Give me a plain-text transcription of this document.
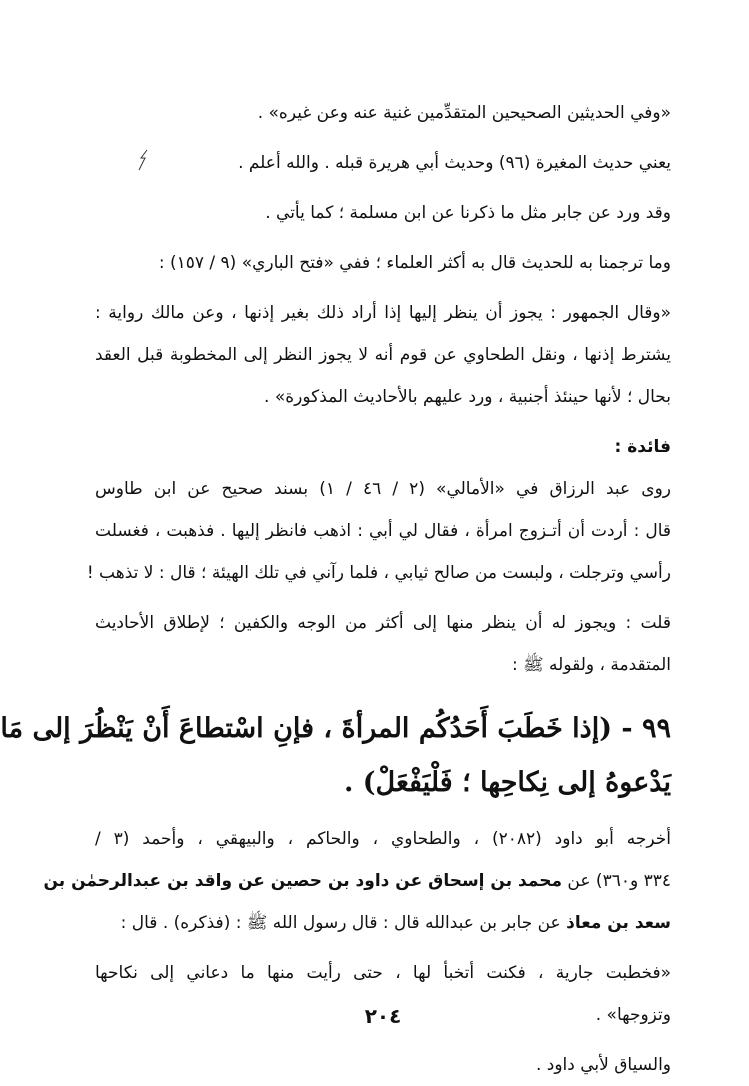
«وفي الحديثين الصحيحين المتقدِّمين غنية عنه وعن غيره» .
يعني حديث المغيرة (٩٦) وحديث أبي هريرة قبله . والله أعلم .
وقد ورد عن جابر مثل ما ذكرنا عن ابن مسلمة ؛ كما يأتي .
وما ترجمنا به للحديث قال به أكثر العلماء ؛ ففي «فتح الباري» (٩ / ١٥٧) :
«وقال الجمهور : يجوز أن ينظر إليها إذا أراد ذلك بغير إذنها ، وعن مالك رواية :
يشترط إذنها ، ونقل الطحاوي عن قوم أنه لا يجوز النظر إلى المخطوبة قبل العقد
بحال ؛ لأنها حينئذ أجنبية ، ورد عليهم بالأحاديث المذكورة» .
فائدة :
روى عبد الرزاق في «الأمالي» (٢ / ٤٦ / ١) بسند صحيح عن ابن طاوس
قال : أردت أن أتـزوج امرأة ، فقال لي أبي : اذهب فانظر إليها . فذهبت ، فغسلت
رأسي وترجلت ، ولبست من صالح ثيابي ، فلما رآني في تلك الهيئة ؛ قال : لا تذهب !
قلت : ويجوز له أن ينظر منها إلى أكثر من الوجه والكفين ؛ لإطلاق الأحاديث
المتقدمة ، ولقوله ﷺ :
٩٩ - (إذا خَطَبَ أَحَدُكُم المرأةَ ، فإنِ اسْتطاعَ أَنْ يَنْظُرَ إلى مَا
يَدْعوهُ إلى نِكاحِها ؛ فَلْيَفْعَلْ) .
أخرجه أبو داود (٢٠٨٢) ، والطحاوي ، والحاكم ، والبيهقي ، وأحمد (٣ /
٣٣٤ و٣٦٠) عن محمد بن إسحاق عن داود بن حصين عن واقد بن عبدالرحمٰن بن
سعد بن معاذ عن جابر بن عبدالله قال : قال رسول الله ﷺ : (فذكره) . قال :
«فخطبت جارية ، فكنت أتخبأ لها ، حتى رأيت منها ما دعاني إلى نكاحها
وتزوجها» .
والسياق لأبي داود .
٢٠٤
